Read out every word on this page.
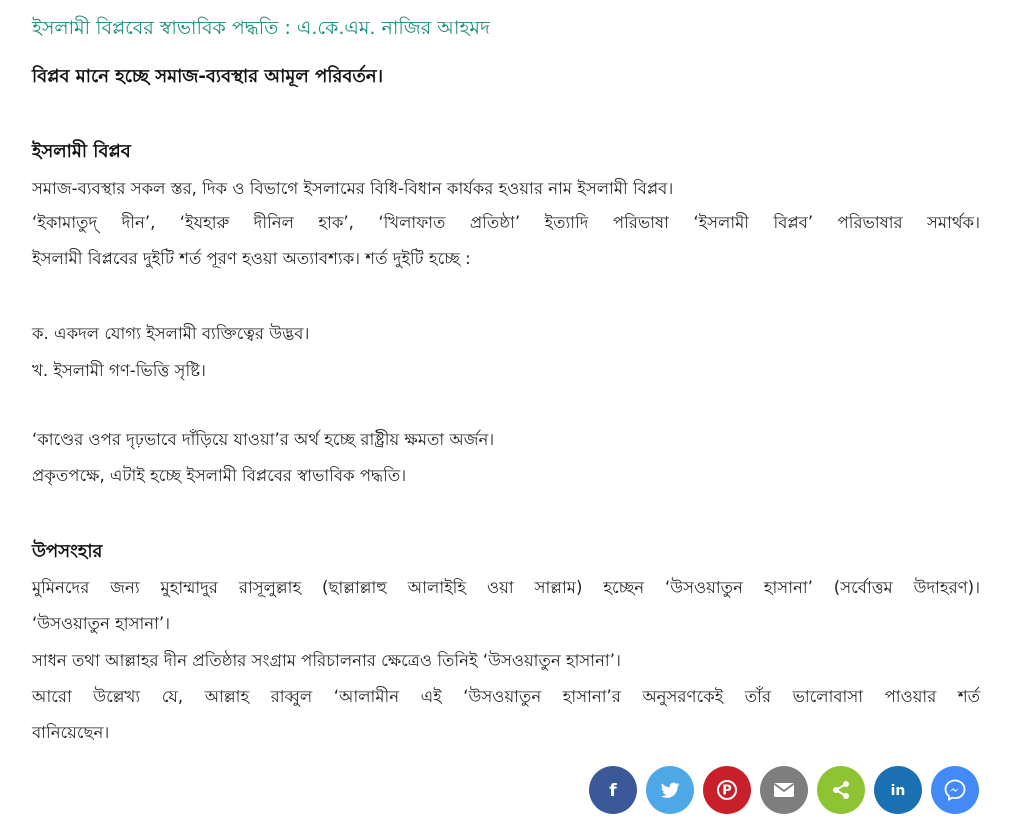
ইসলামী বিপ্লবের স্বাভাবিক পদ্ধতি : এ.কে.এম. নাজির আহমদ
বিপ্লব মানে হচ্ছে সমাজ-ব্যবস্থার আমূল পরিবর্তন।
ইসলামী বিপ্লব
সমাজ-ব্যবস্থার সকল স্তর, দিক ও বিভাগে ইসলামের বিধি-বিধান কার্যকর হওয়ার নাম ইসলামী বিপ্লব।
‘ইকামাতুদ্ দীন’, ‘ইযহারু দীনিল হাক’, ‘খিলাফাত প্রতিষ্ঠা’ ইত্যাদি পরিভাষা ‘ইসলামী বিপ্লব’ পরিভাষার সমার্থক।
ইসলামী বিপ্লবের দুইটি শর্ত পূরণ হওয়া অত্যাবশ্যক। শর্ত দুইটি হচ্ছে :
ক. একদল যোগ্য ইসলামী ব্যক্তিত্বের উদ্ভব।
খ. ইসলামী গণ-ভিত্তি সৃষ্টি।
‘কাণ্ডের ওপর দৃঢ়ভাবে দাঁড়িয়ে যাওয়া’র অর্থ হচ্ছে রাষ্ট্রীয় ক্ষমতা অর্জন।
প্রকৃতপক্ষে, এটাই হচ্ছে ইসলামী বিপ্লবের স্বাভাবিক পদ্ধতি।
উপসংহার
মুমিনদের জন্য মুহাম্মাদুর রাসূলুল্লাহ (ছাল্লাল্লাহু আলাইহি ওয়া সাল্লাম) হচ্ছেন ‘উসওয়াতুন হাসানা’ (সর্বোত্তম উদাহরণ)।
‘উসওয়াতুন হাসানা’।
সাধন তথা আল্লাহর দীন প্রতিষ্ঠার সংগ্রাম পরিচালনার ক্ষেত্রেও তিনিই ‘উসওয়াতুন হাসানা’।
আরো উল্লেখ্য যে, আল্লাহ রাব্বুল ‘আলামীন এই ‘উসওয়াতুন হাসানা’র অনুসরণকেই তাঁর ভালোবাসা পাওয়ার শর্ত
বানিয়েছেন।
f	P	in
